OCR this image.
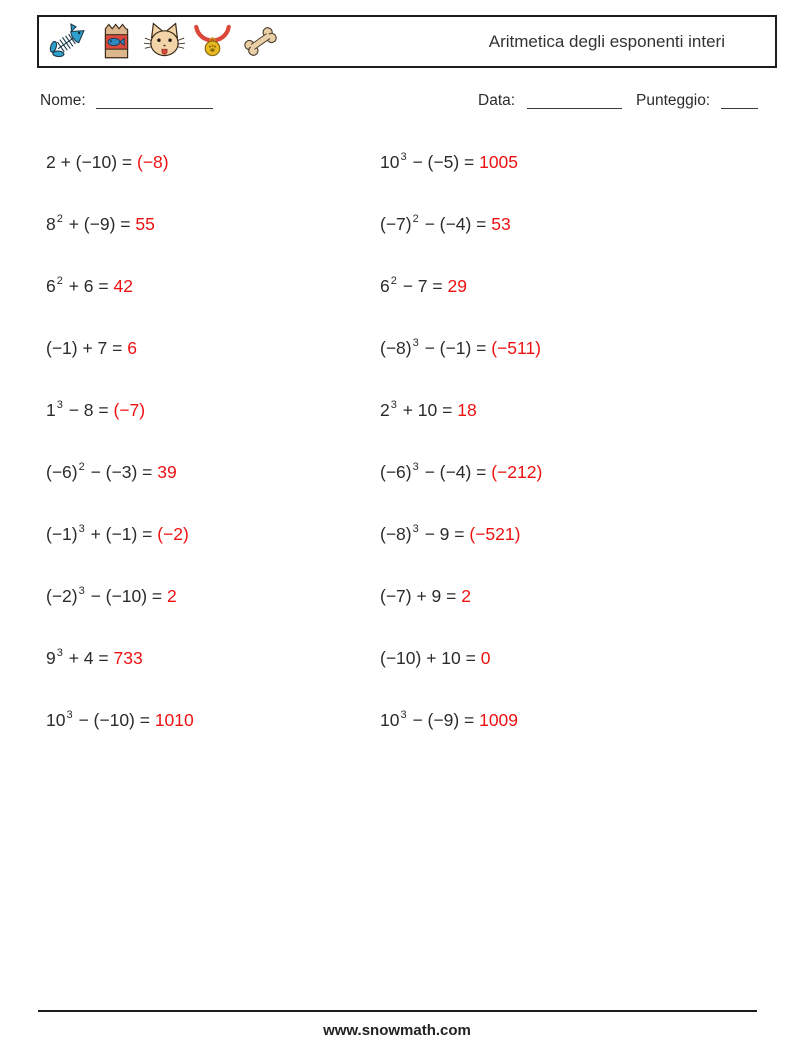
Aritmetica degli esponenti interi
Nome:	Data:	Punteggio:
2 + (−10) = (−8)
$8^2 + (-9) = 55$
$6^2 + 6 = 42$
(−1) + 7 = 6
$1^3 - 8 = (-7)$
$(-6)^2 - (-3) = 39$
$(-1)^3 + (-1) = (-2)$
$(-2)^3 - (-10) = 2$
$9^3 + 4 = 733$
$10^3 - (-10) = 1010$
$10^3 - (-5) = 1005$
$(-7)^2 - (-4) = 53$
$6^2 - 7 = 29$
$(-8)^3 - (-1) = (-511)$
$2^3 + 10 = 18$
$(-6)^3 - (-4) = (-212)$
$(-8)^3 - 9 = (-521)$
(−7) + 9 = 2
(−10) + 10 = 0
$10^3 - (-9) = 1009$
www.snowmath.com
